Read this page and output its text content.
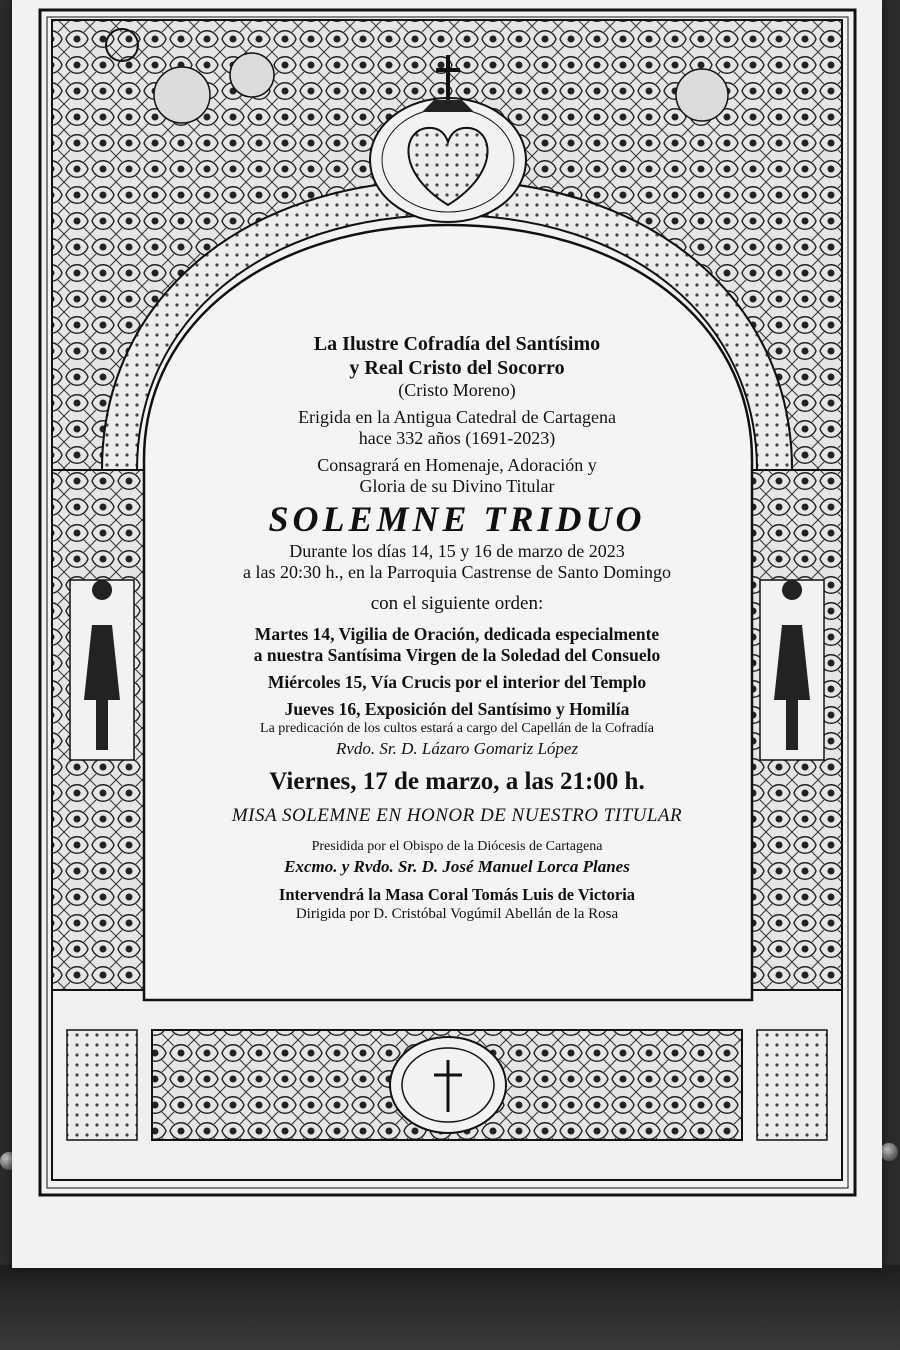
La Ilustre Cofradía del Santísimo
y Real Cristo del Socorro
(Cristo Moreno)
Erigida en la Antigua Catedral de Cartagena
hace 332 años (1691-2023)
Consagrará en Homenaje, Adoración y
Gloria de su Divino Titular
SOLEMNE TRIDUO
Durante los días 14, 15 y 16 de marzo de 2023
a las 20:30 h., en la Parroquia Castrense de Santo Domingo
con el siguiente orden:
Martes 14, Vigilia de Oración, dedicada especialmente
a nuestra Santísima Virgen de la Soledad del Consuelo
Miércoles 15, Vía Crucis por el interior del Templo
Jueves 16, Exposición del Santísimo y Homilía
La predicación de los cultos estará a cargo del Capellán de la Cofradía
Rvdo. Sr. D. Lázaro Gomariz López
Viernes, 17 de marzo, a las 21:00 h.
MISA SOLEMNE EN HONOR DE NUESTRO TITULAR
Presidida por el Obispo de la Diócesis de Cartagena
Excmo. y Rvdo. Sr. D. José Manuel Lorca Planes
Intervendrá la Masa Coral Tomás Luis de Victoria
Dirigida por D. Cristóbal Vogúmil Abellán de la Rosa
